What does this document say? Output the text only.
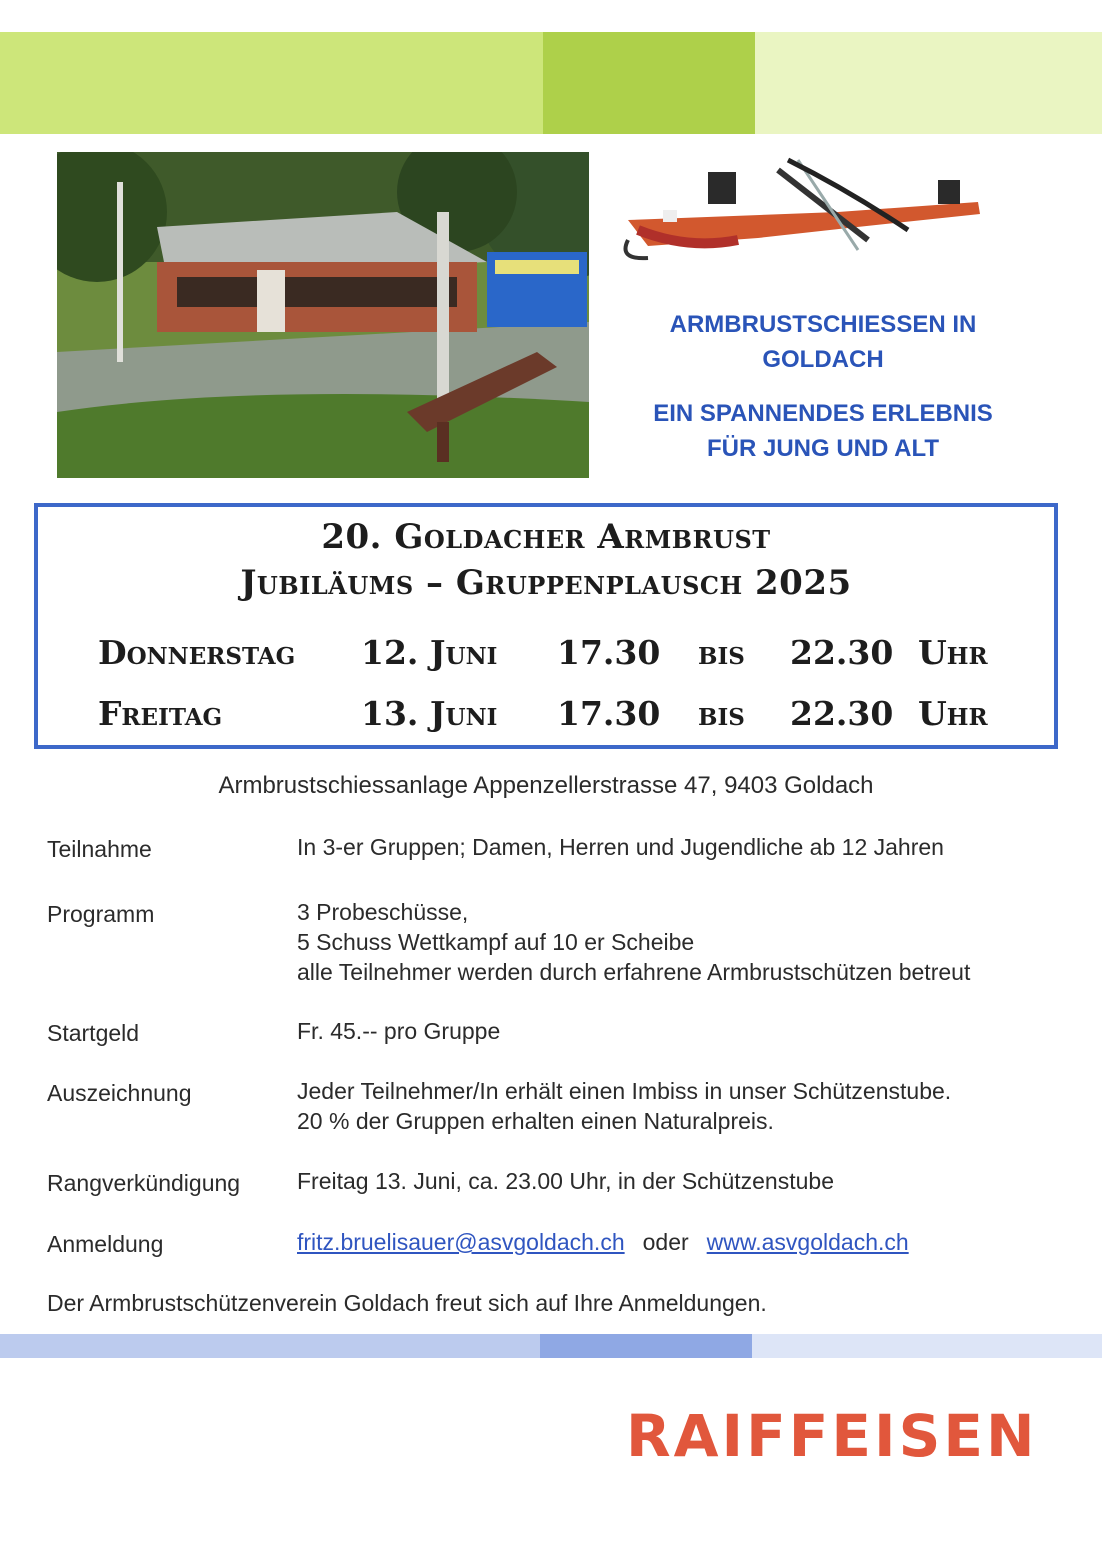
ARMBRUSTSCHIESSEN IN
GOLDACH
EIN SPANNENDES ERLEBNIS
FÜR JUNG UND ALT
20. Goldacher Armbrust
Jubiläums – Gruppenplausch 2025
Donnerstag 12. Juni 17.30 bis 22.30 Uhr
Freitag	13. Juni 17.30 bis 22.30 Uhr
Armbrustschiessanlage Appenzellerstrasse 47, 9403 Goldach
Teilnahme	In 3-er Gruppen; Damen, Herren und Jugendliche ab 12 Jahren
Programm	3 Probeschüsse,
5 Schuss Wettkampf auf 10 er Scheibe
alle Teilnehmer werden durch erfahrene Armbrustschützen betreut
Startgeld	Fr. 45.-- pro Gruppe
Auszeichnung	Jeder Teilnehmer/In erhält einen Imbiss in unser Schützenstube.
20 % der Gruppen erhalten einen Naturalpreis.
Rangverkündigung Freitag 13. Juni, ca. 23.00 Uhr, in der Schützenstube
Anmeldung	fritz.bruelisauer@asvgoldach.ch oder www.asvgoldach.ch
Der Armbrustschützenverein Goldach freut sich auf Ihre Anmeldungen.
RAIFFEISEN
